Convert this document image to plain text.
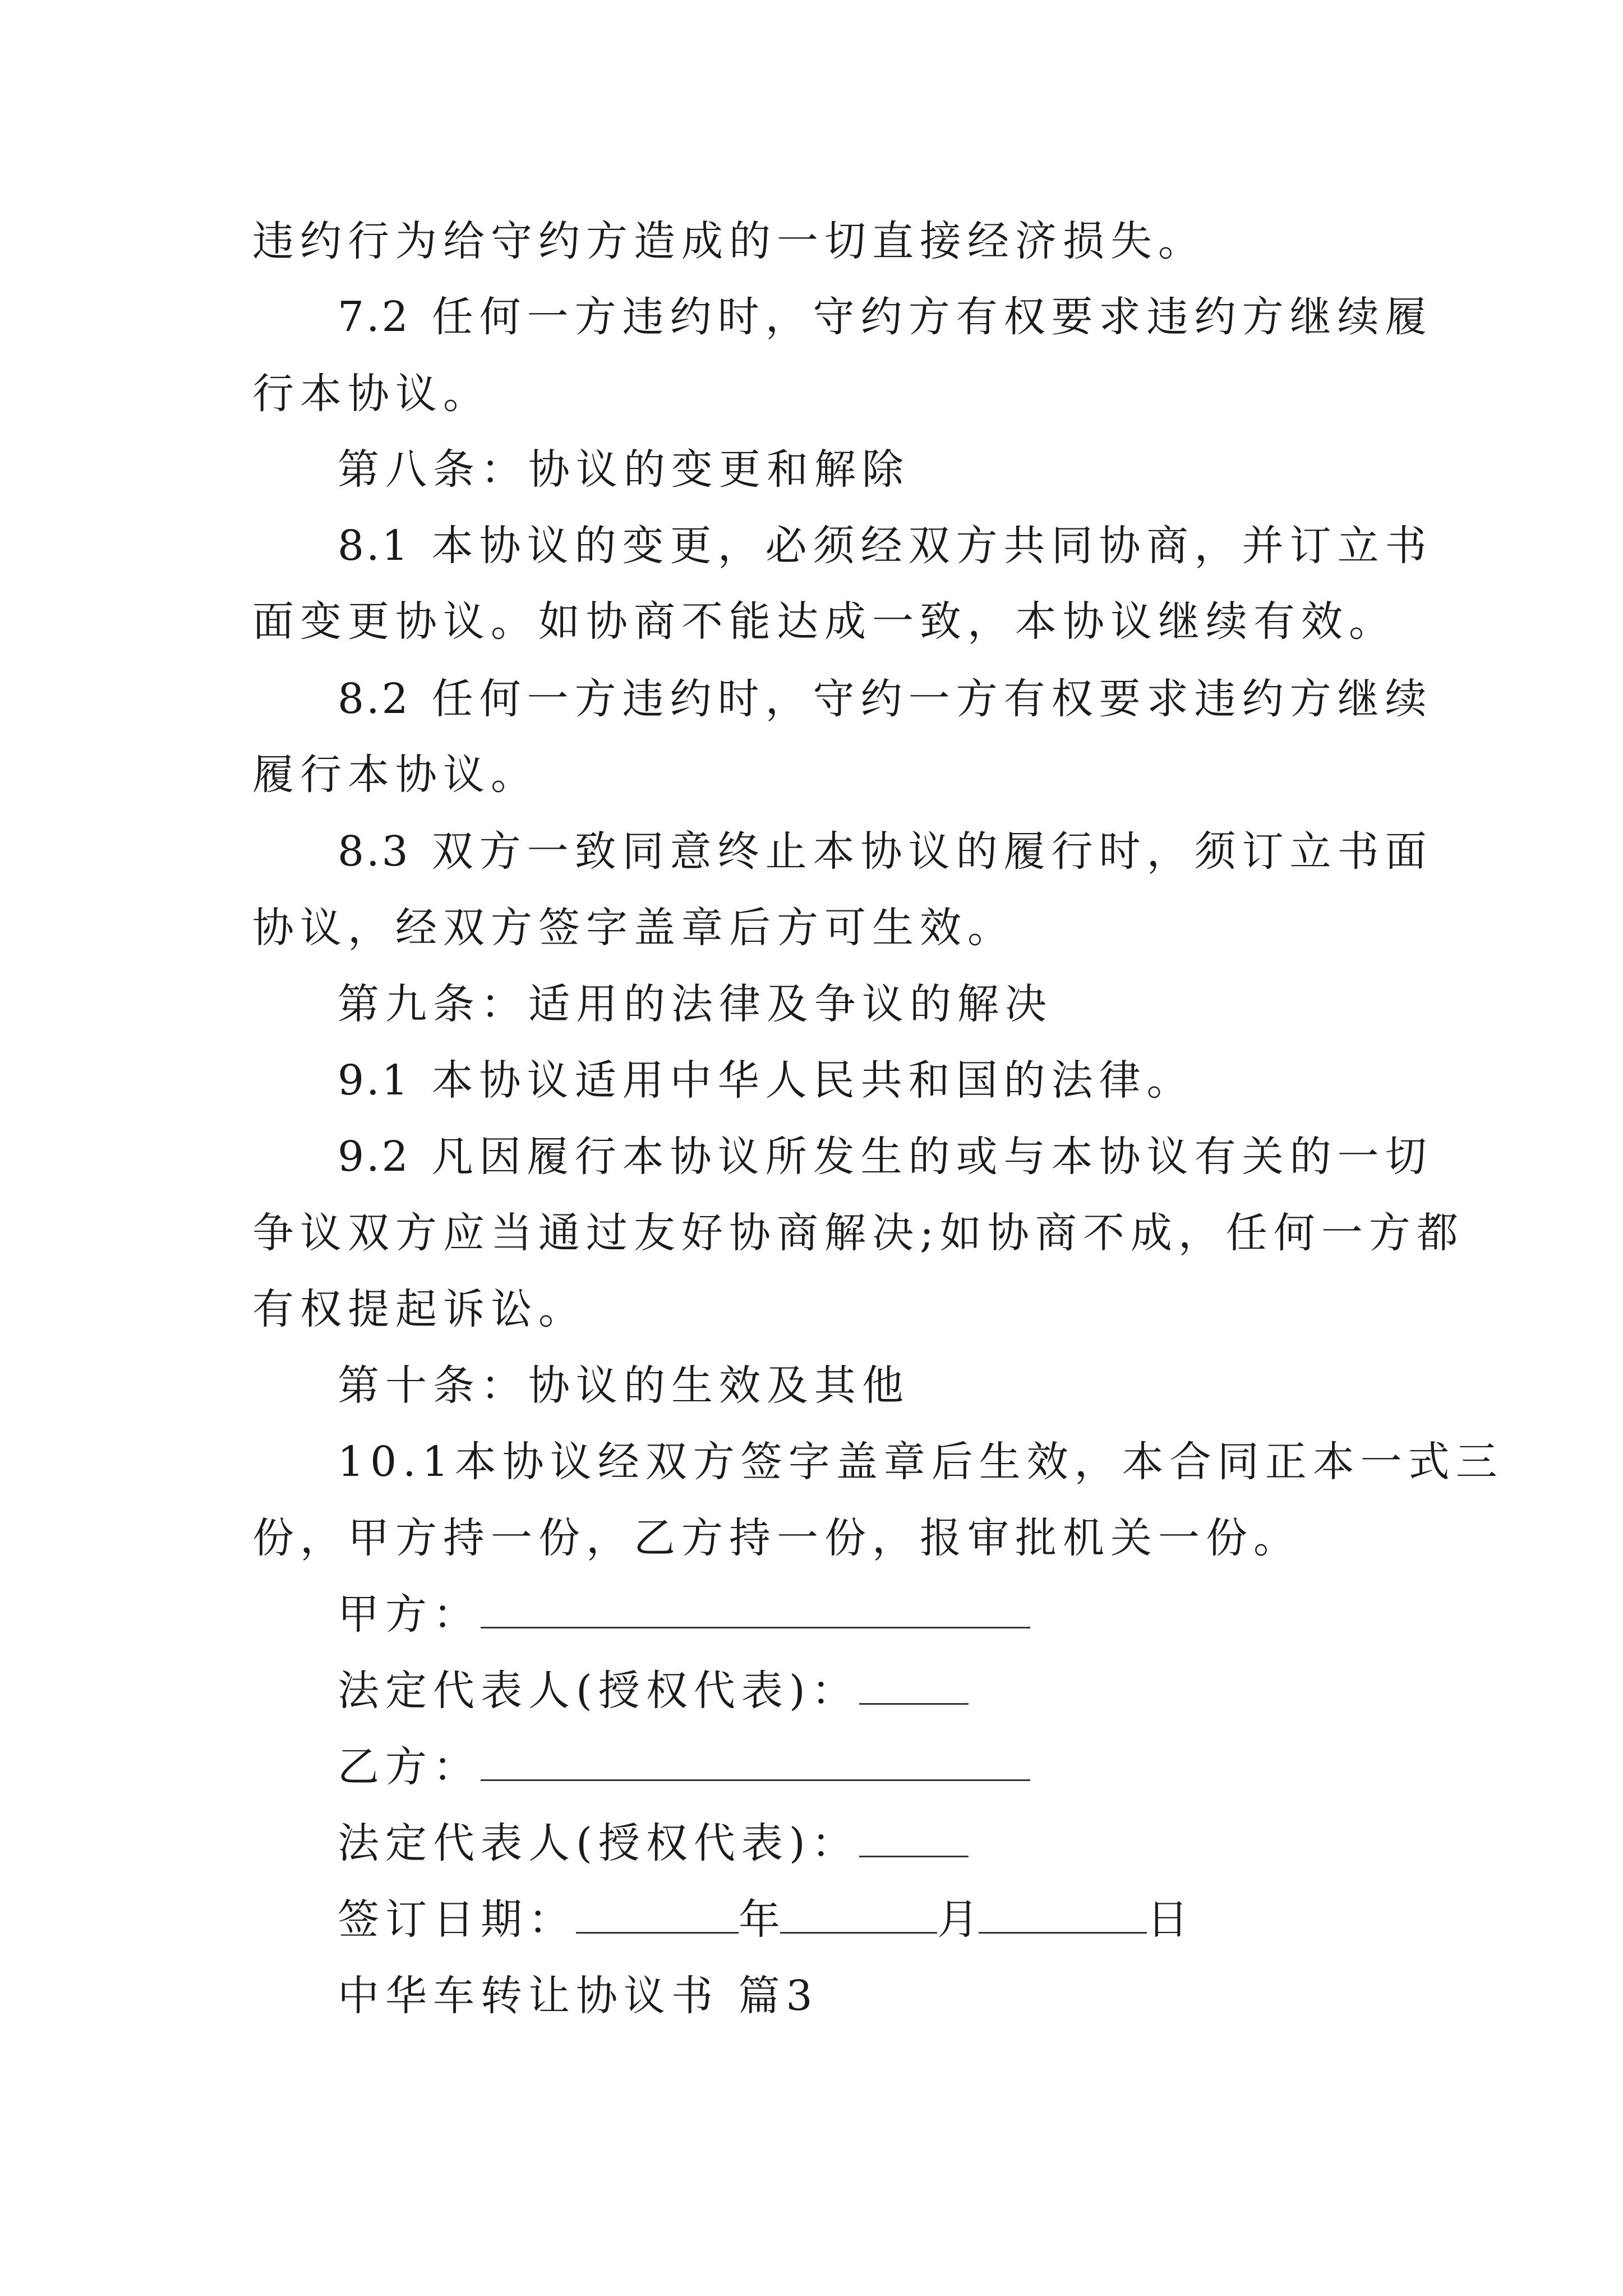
违约行为给守约方造成的一切直接经济损失。
7.2 任何一方违约时，守约方有权要求违约方继续履
行本协议。
第八条：协议的变更和解除
8.1 本协议的变更，必须经双方共同协商，并订立书
面变更协议。如协商不能达成一致，本协议继续有效。
8.2 任何一方违约时，守约一方有权要求违约方继续
履行本协议。
8.3 双方一致同意终止本协议的履行时，须订立书面
协议，经双方签字盖章后方可生效。
第九条：适用的法律及争议的解决
9.1 本协议适用中华人民共和国的法律。
9.2 凡因履行本协议所发生的或与本协议有关的一切
争议双方应当通过友好协商解决;如协商不成，任何一方都
有权提起诉讼。
第十条：协议的生效及其他
10.1本协议经双方签字盖章后生效，本合同正本一式三
份，甲方持一份，乙方持一份，报审批机关一份。
甲方：
法定代表人(授权代表)：
乙方：
法定代表人(授权代表)：
签订日期：	年	月	日
中华车转让协议书 篇3
